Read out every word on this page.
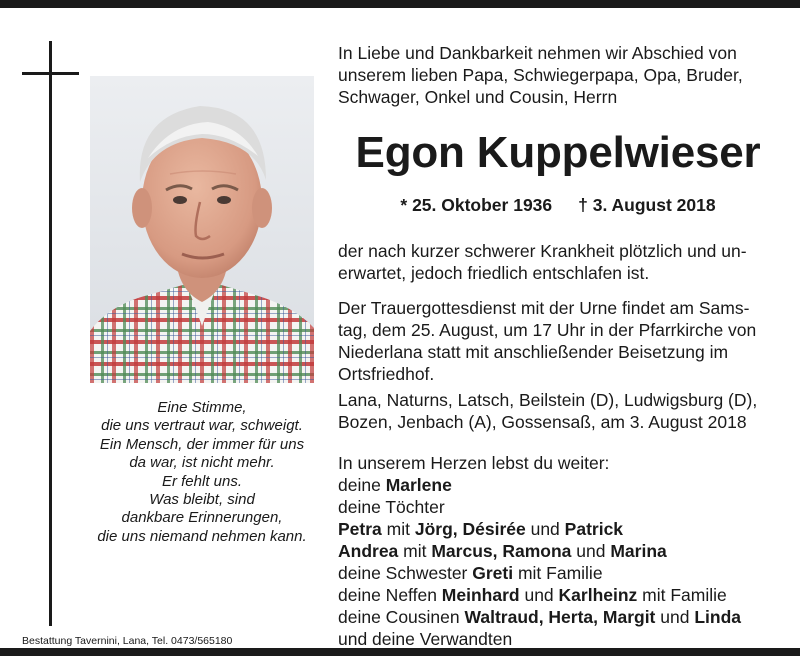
Eine Stimme,
die uns vertraut war, schweigt.
Ein Mensch, der immer für uns
da war, ist nicht mehr.
Er fehlt uns.
Was bleibt, sind
dankbare Erinnerungen,
die uns niemand nehmen kann.
Bestattung Tavernini, Lana, Tel. 0473/565180
In Liebe und Dankbarkeit nehmen wir Abschied von
unserem lieben Papa, Schwiegerpapa, Opa, Bruder,
Schwager, Onkel und Cousin, Herrn
Egon Kuppelwieser
* 25. Oktober 1936 † 3. August 2018
der nach kurzer schwerer Krankheit plötzlich und un-
erwartet, jedoch friedlich entschlafen ist.
Der Trauergottesdienst mit der Urne findet am Sams-
tag, dem 25. August, um 17 Uhr in der Pfarrkirche von
Niederlana statt mit anschließender Beisetzung im
Ortsfriedhof.
Lana, Naturns, Latsch, Beilstein (D), Ludwigsburg (D),
Bozen, Jenbach (A), Gossensaß, am 3. August 2018
In unserem Herzen lebst du weiter:
deine Marlene
deine Töchter
Petra mit Jörg, Désirée und Patrick
Andrea mit Marcus, Ramona und Marina
deine Schwester Greti mit Familie
deine Neffen Meinhard und Karlheinz mit Familie
deine Cousinen Waltraud, Herta, Margit und Linda
und deine Verwandten
